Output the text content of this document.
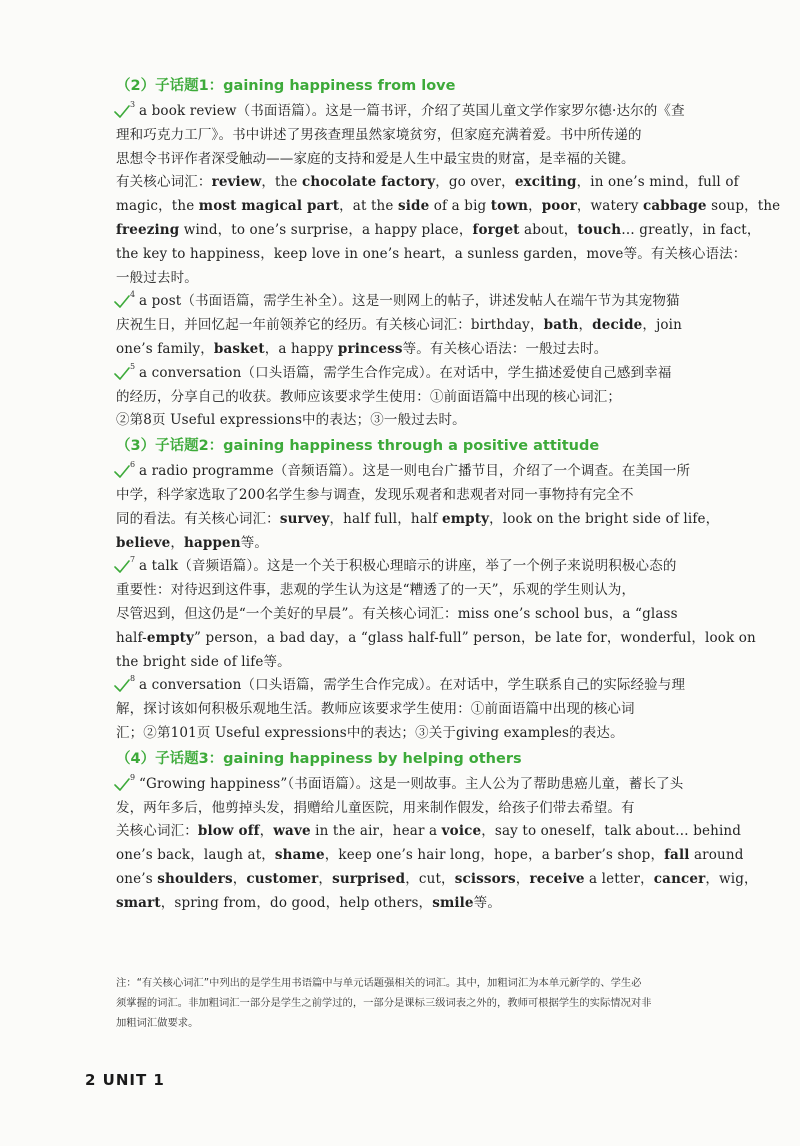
（2）子话题1：gaining happiness from love
3 a book review（书面语篇）。这是一篇书评，介绍了英国儿童文学作家罗尔德·达尔的《查
理和巧克力工厂》。书中讲述了男孩查理虽然家境贫穷，但家庭充满着爱。书中所传递的
思想令书评作者深受触动——家庭的支持和爱是人生中最宝贵的财富，是幸福的关键。
有关核心词汇：review，the chocolate factory，go over，exciting，in one’s mind，full of
magic，the most magical part，at the side of a big town，poor，watery cabbage soup，the
freezing wind，to one’s surprise，a happy place，forget about，touch… greatly，in fact，
the key to happiness，keep love in one’s heart，a sunless garden，move等。有关核心语法：
一般过去时。
4 a post（书面语篇，需学生补全）。这是一则网上的帖子，讲述发帖人在端午节为其宠物猫
庆祝生日，并回忆起一年前领养它的经历。有关核心词汇：birthday，bath，decide，join
one’s family，basket，a happy princess等。有关核心语法：一般过去时。
5 a conversation（口头语篇，需学生合作完成）。在对话中，学生描述爱使自己感到幸福
的经历，分享自己的收获。教师应该要求学生使用：①前面语篇中出现的核心词汇；
②第8页 Useful expressions中的表达；③一般过去时。
（3）子话题2：gaining happiness through a positive attitude
6 a radio programme（音频语篇）。这是一则电台广播节目，介绍了一个调查。在美国一所
中学，科学家选取了200名学生参与调查，发现乐观者和悲观者对同一事物持有完全不
同的看法。有关核心词汇：survey，half full，half empty，look on the bright side of life，
believe，happen等。
7 a talk（音频语篇）。这是一个关于积极心理暗示的讲座，举了一个例子来说明积极心态的
重要性：对待迟到这件事，悲观的学生认为这是“糟透了的一天”，乐观的学生则认为，
尽管迟到，但这仍是“一个美好的早晨”。有关核心词汇：miss one’s school bus，a “glass
half-empty” person，a bad day，a “glass half-full” person，be late for，wonderful，look on
the bright side of life等。
8 a conversation（口头语篇，需学生合作完成）。在对话中，学生联系自己的实际经验与理
解，探讨该如何积极乐观地生活。教师应该要求学生使用：①前面语篇中出现的核心词
汇；②第101页 Useful expressions中的表达；③关于giving examples的表达。
（4）子话题3：gaining happiness by helping others
9 “Growing happiness”（书面语篇）。这是一则故事。主人公为了帮助患癌儿童，蓄长了头
发，两年多后，他剪掉头发，捐赠给儿童医院，用来制作假发，给孩子们带去希望。有
关核心词汇：blow off，wave in the air，hear a voice，say to oneself，talk about… behind
one’s back，laugh at，shame，keep one’s hair long，hope，a barber’s shop，fall around
one’s shoulders，customer，surprised，cut，scissors，receive a letter，cancer，wig，
smart，spring from，do good，help others，smile等。
注：“有关核心词汇”中列出的是学生用书语篇中与单元话题强相关的词汇。其中，加粗词汇为本单元新学的、学生必
须掌握的词汇。非加粗词汇一部分是学生之前学过的，一部分是课标三级词表之外的，教师可根据学生的实际情况对非
加粗词汇做要求。
2 UNIT 1
